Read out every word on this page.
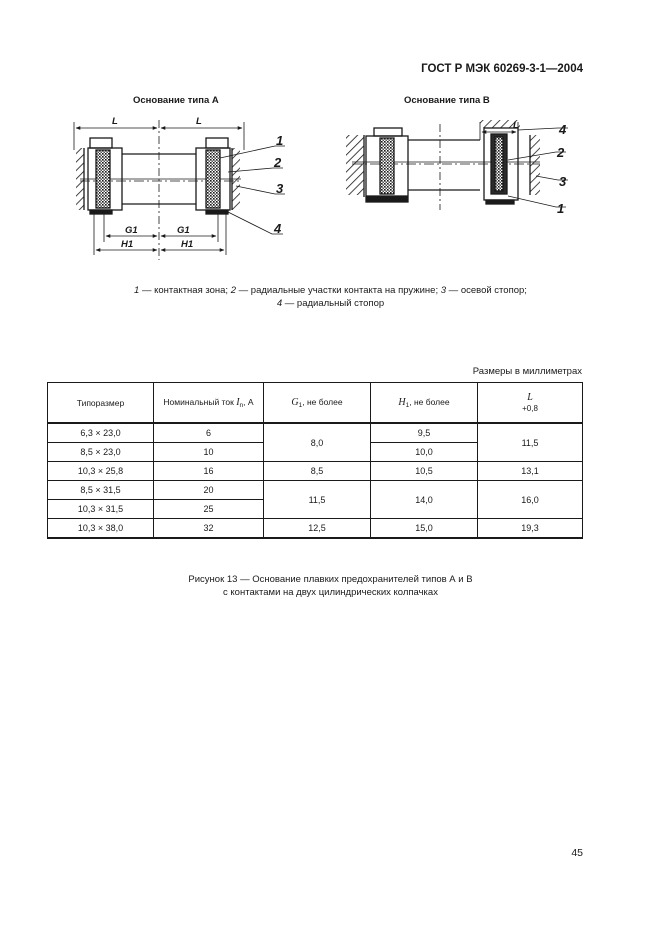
ГОСТ Р МЭК 60269-3-1—2004
Основание типа А	Основание типа В
L	L
G1	G1
H1	H1
1
2
3
4
L	4
2
3
1
1 — контактная зона; 2 — радиальные участки контакта на пружине; 3 — осевой стопор;
4 — радиальный стопор
Размеры в миллиметрах
Типоразмер	Номинальный ток $I_n$, А	$G_1$, не более	$H_1$, не более	L
+0,8

6,3 × 23,0	6	8,0	9,5	11,5
8,5 × 23,0	10		10,0	
10,3 × 25,8	16	8,5	10,5	13,1
8,5 × 31,5	20	11,5	14,0	16,0
10,3 × 31,5	25			
10,3 × 38,0	32	12,5	15,0	19,3
Рисунок 13 — Основание плавких предохранителей типов А и В
с контактами на двух цилиндрических колпачках
45
